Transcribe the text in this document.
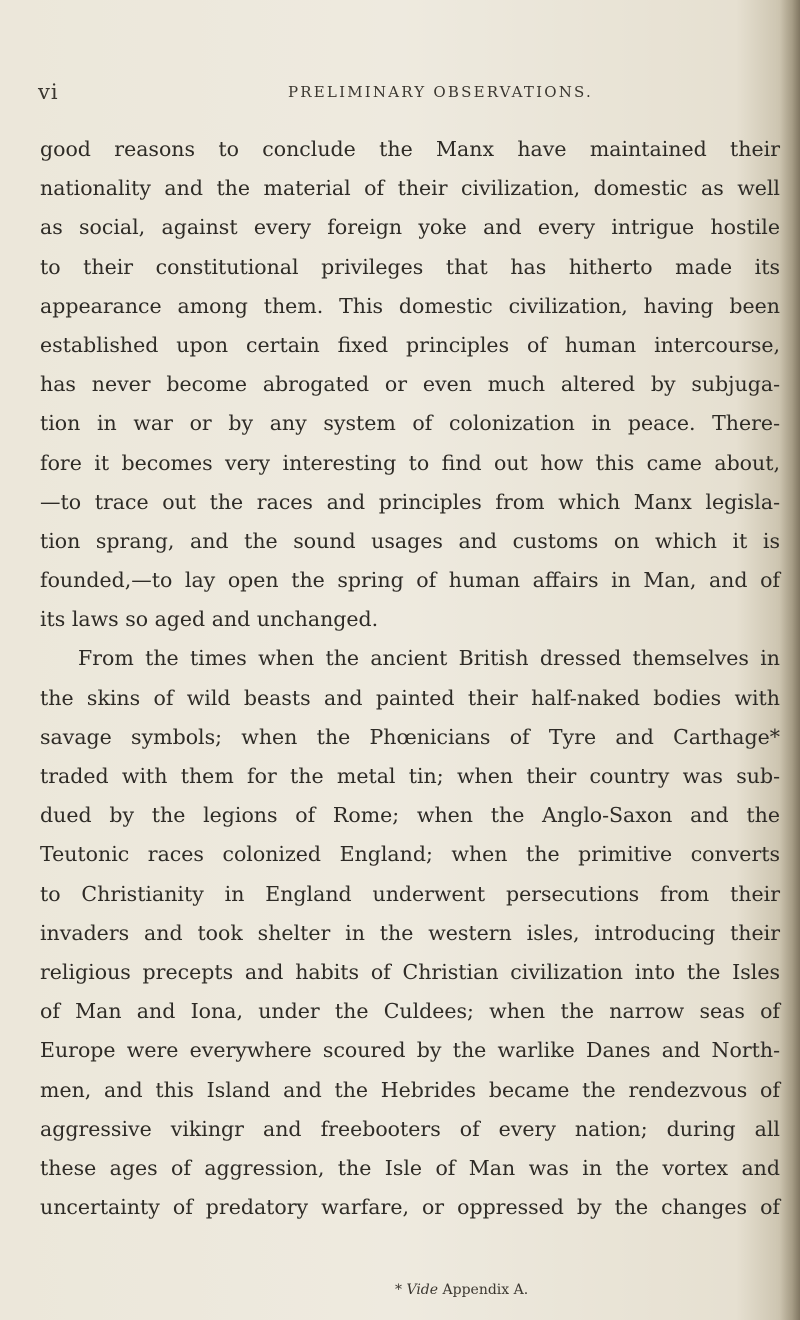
vi	PRELIMINARY OBSERVATIONS.
good reasons to conclude the Manx have maintained their
nationality and the material of their civilization, domestic as well
as social, against every foreign yoke and every intrigue hostile
to their constitutional privileges that has hitherto made its
appearance among them. This domestic civilization, having been
established upon certain fixed principles of human intercourse,
has never become abrogated or even much altered by subjuga-
tion in war or by any system of colonization in peace. There-
fore it becomes very interesting to find out how this came about,
—to trace out the races and principles from which Manx legisla-
tion sprang, and the sound usages and customs on which it is
founded,—to lay open the spring of human affairs in Man, and of
its laws so aged and unchanged.
From the times when the ancient British dressed themselves in
the skins of wild beasts and painted their half-naked bodies with
savage symbols; when the Phœnicians of Tyre and Carthage*
traded with them for the metal tin; when their country was sub-
dued by the legions of Rome; when the Anglo-Saxon and the
Teutonic races colonized England; when the primitive converts
to Christianity in England underwent persecutions from their
invaders and took shelter in the western isles, introducing their
religious precepts and habits of Christian civilization into the Isles
of Man and Iona, under the Culdees; when the narrow seas of
Europe were everywhere scoured by the warlike Danes and North-
men, and this Island and the Hebrides became the rendezvous of
aggressive vikingr and freebooters of every nation; during all
these ages of aggression, the Isle of Man was in the vortex and
uncertainty of predatory warfare, or oppressed by the changes of
* Vide Appendix A.
